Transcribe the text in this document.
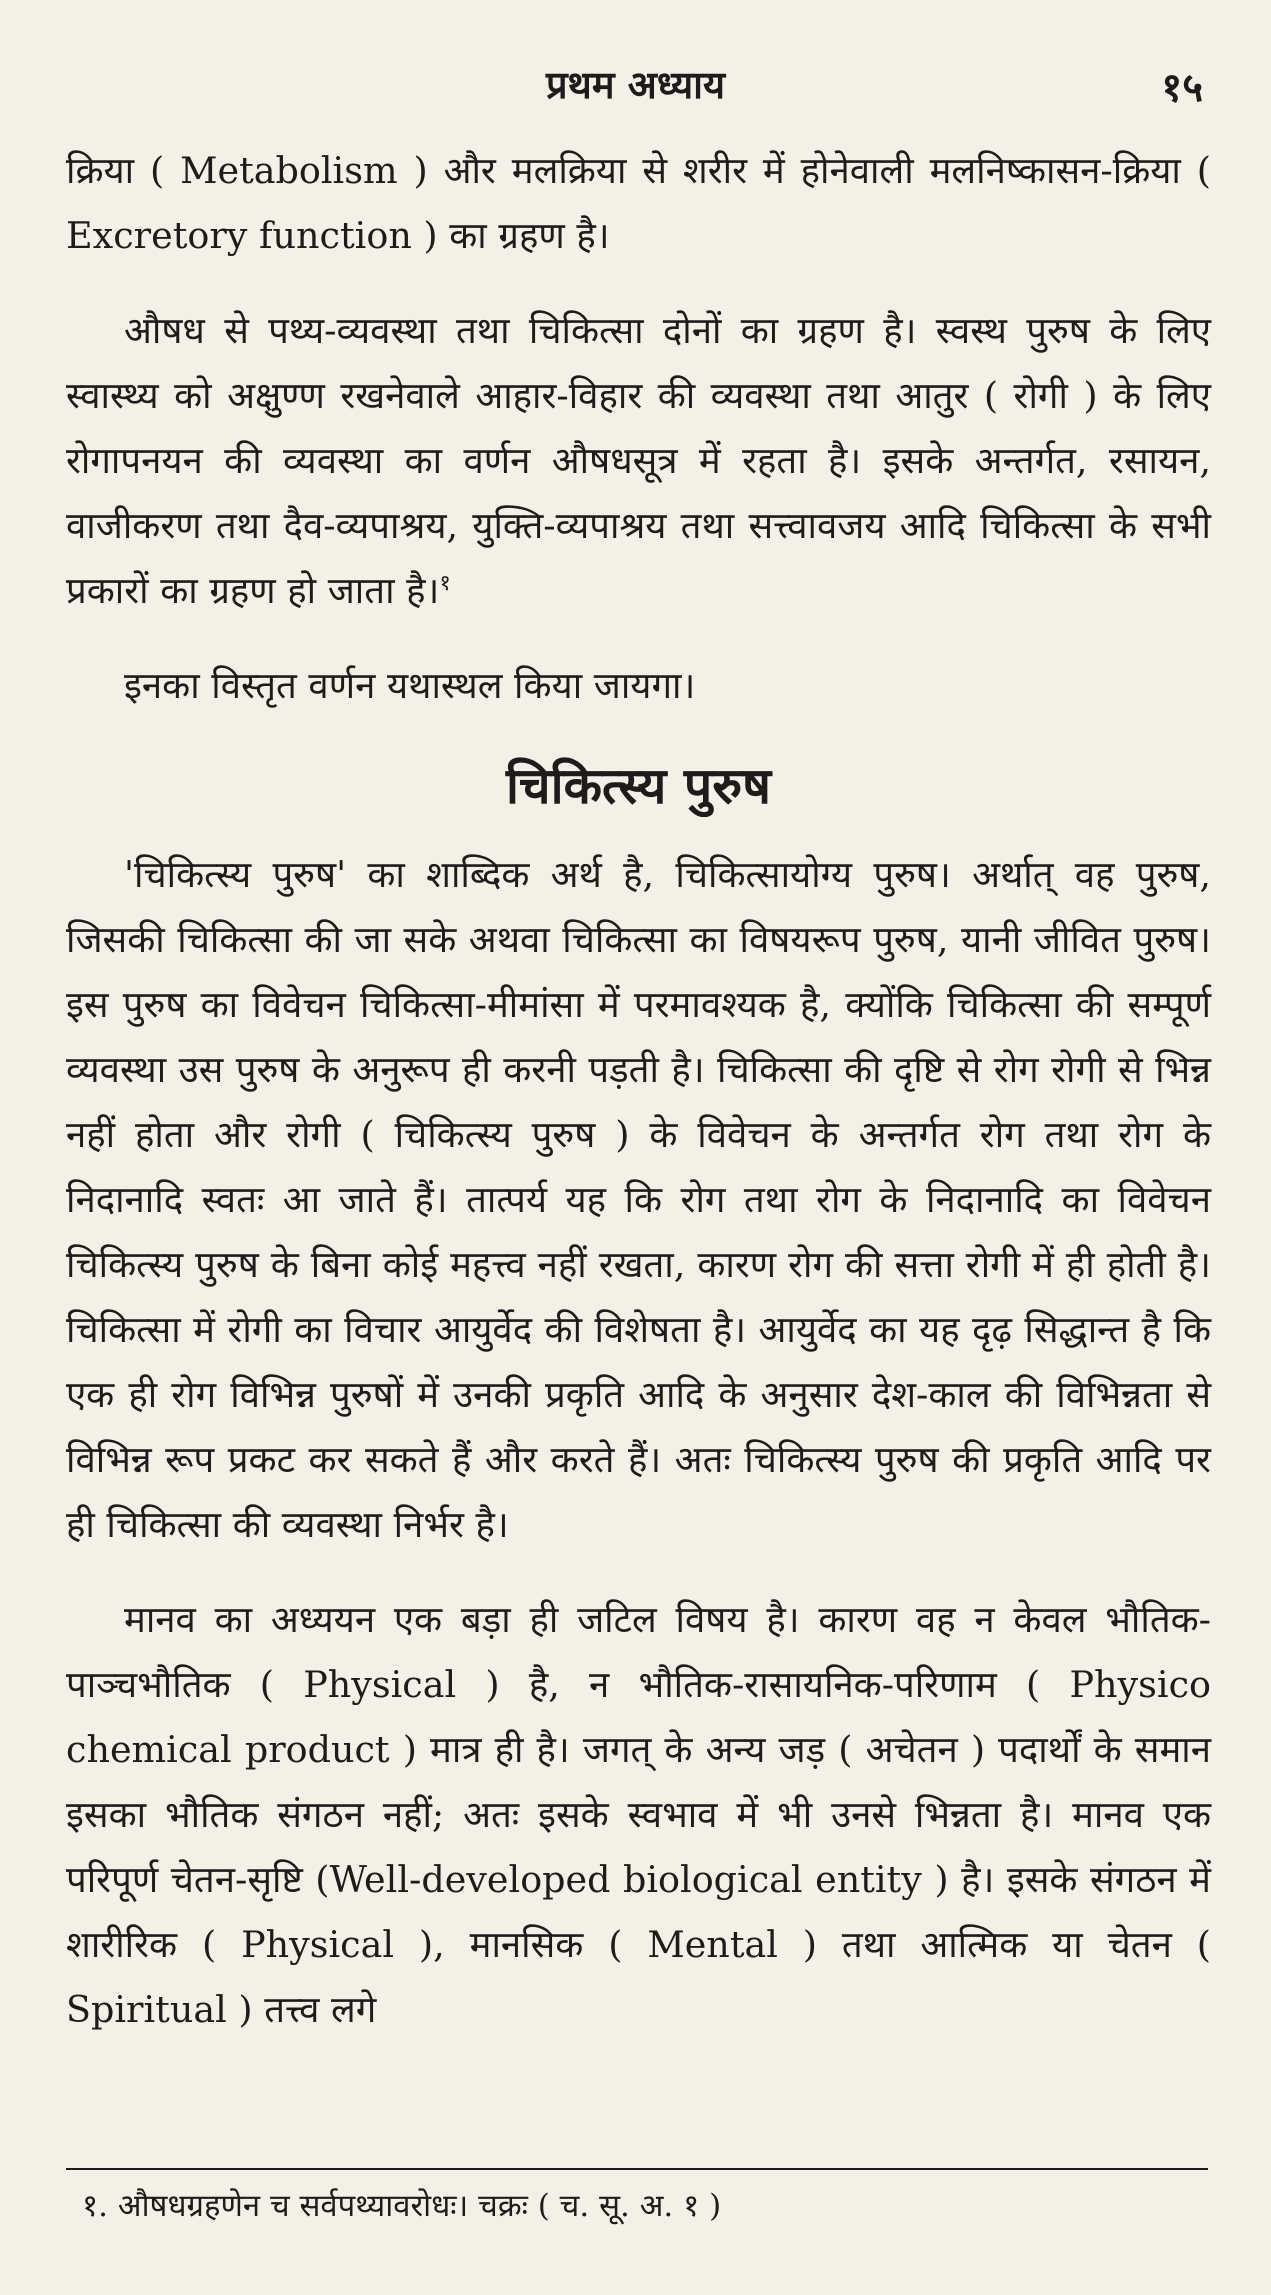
प्रथम अध्याय	१५

क्रिया ( Metabolism ) और मलक्रिया से शरीर में होनेवाली मलनिष्कासन-क्रिया ( Excretory function ) का ग्रहण है।

औषध से पथ्य-व्यवस्था तथा चिकित्सा दोनों का ग्रहण है। स्वस्थ पुरुष के लिए स्वास्थ्य को अक्षुण्ण रखनेवाले आहार-विहार की व्यवस्था तथा आतुर ( रोगी ) के लिए रोगापनयन की व्यवस्था का वर्णन औषधसूत्र में रहता है। इसके अन्तर्गत, रसायन, वाजीकरण तथा दैव-व्यपाश्रय, युक्ति-व्यपाश्रय तथा सत्त्वावजय आदि चिकित्सा के सभी प्रकारों का ग्रहण हो जाता है।$^१$

इनका विस्तृत वर्णन यथास्थल किया जायगा।

चिकित्स्य पुरुष

'चिकित्स्य पुरुष' का शाब्दिक अर्थ है, चिकित्सायोग्य पुरुष। अर्थात् वह पुरुष, जिसकी चिकित्सा की जा सके अथवा चिकित्सा का विषयरूप पुरुष, यानी जीवित पुरुष। इस पुरुष का विवेचन चिकित्सा-मीमांसा में परमावश्यक है, क्योंकि चिकित्सा की सम्पूर्ण व्यवस्था उस पुरुष के अनुरूप ही करनी पड़ती है। चिकित्सा की दृष्टि से रोग रोगी से भिन्न नहीं होता और रोगी ( चिकित्स्य पुरुष ) के विवेचन के अन्तर्गत रोग तथा रोग के निदानादि स्वतः आ जाते हैं। तात्पर्य यह कि रोग तथा रोग के निदानादि का विवेचन चिकित्स्य पुरुष के बिना कोई महत्त्व नहीं रखता, कारण रोग की सत्ता रोगी में ही होती है। चिकित्सा में रोगी का विचार आयुर्वेद की विशेषता है। आयुर्वेद का यह दृढ़ सिद्धान्त है कि एक ही रोग विभिन्न पुरुषों में उनकी प्रकृति आदि के अनुसार देश-काल की विभिन्नता से विभिन्न रूप प्रकट कर सकते हैं और करते हैं। अतः चिकित्स्य पुरुष की प्रकृति आदि पर ही चिकित्सा की व्यवस्था निर्भर है।

मानव का अध्ययन एक बड़ा ही जटिल विषय है। कारण वह न केवल भौतिक-पाञ्चभौतिक ( Physical ) है, न भौतिक-रासायनिक-परिणाम ( Physico chemical product ) मात्र ही है। जगत् के अन्य जड़ ( अचेतन ) पदार्थों के समान इसका भौतिक संगठन नहीं; अतः इसके स्वभाव में भी उनसे भिन्नता है। मानव एक परिपूर्ण चेतन-सृष्टि (Well-developed biological entity ) है। इसके संगठन में शारीरिक ( Physical ), मानसिक ( Mental ) तथा आत्मिक या चेतन ( Spiritual ) तत्त्व लगे

१. औषधग्रहणेन च सर्वपथ्यावरोधः। चक्रः ( च. सू. अ. १ )
